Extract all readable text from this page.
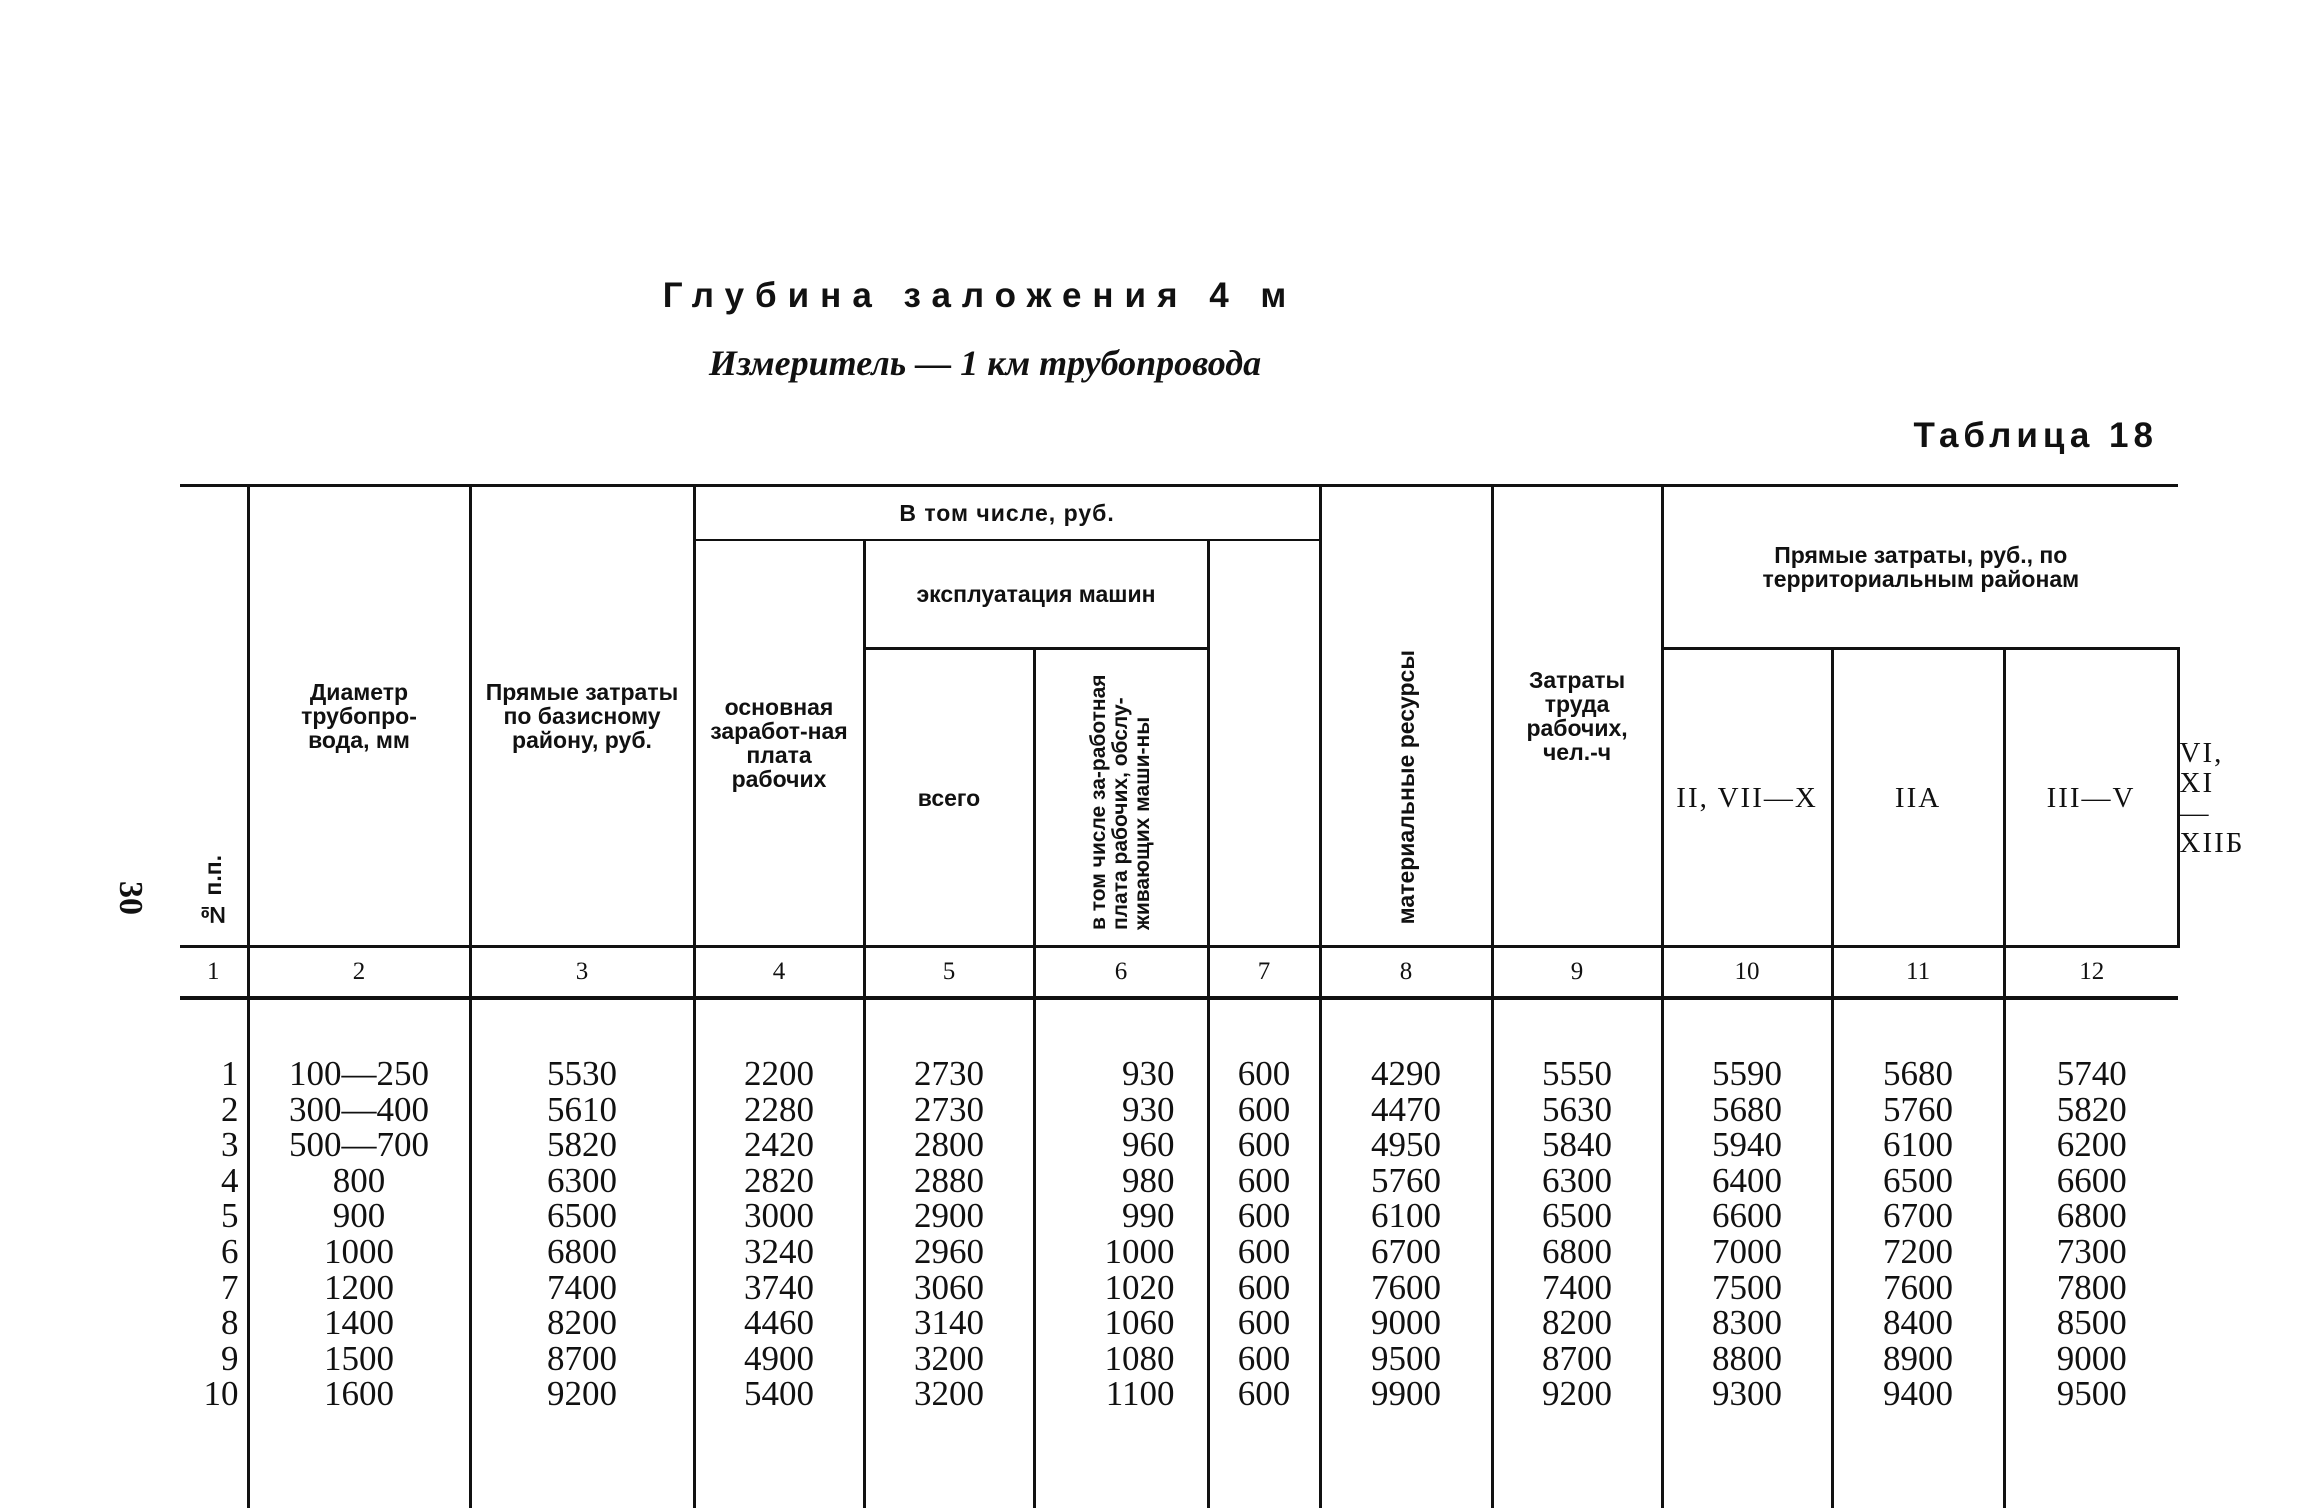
30
Глубина заложения 4 м
Измеритель — 1 км трубопровода
Таблица 18
№ п.п.	Диаметр трубопро-вода, мм	Прямые затраты по базисному району, руб.	В том числе, руб.				материальные ресурсы	Затраты труда рабочих, чел.-ч	Прямые затраты, руб., по территориальным районам			
			основная заработ-ная плата рабочих	эксплуатация машин								
				всего	в том числе за-работная плата рабочих, обслу-живающих маши-ны				II, VII—X	IIА	III—V	VI, XI—XIIБ
1	2	3	4	5	6	7	8	9	10	11	12	

1	100—250	5530	2200	2730	930	600	4290	5550	5590	5680	5740	
2	300—400	5610	2280	2730	930	600	4470	5630	5680	5760	5820	
3	500—700	5820	2420	2800	960	600	4950	5840	5940	6100	6200	
4	800	6300	2820	2880	980	600	5760	6300	6400	6500	6600	
5	900	6500	3000	2900	990	600	6100	6500	6600	6700	6800	
6	1000	6800	3240	2960	1000	600	6700	6800	7000	7200	7300	
7	1200	7400	3740	3060	1020	600	7600	7400	7500	7600	7800	
8	1400	8200	4460	3140	1060	600	9000	8200	8300	8400	8500	
9	1500	8700	4900	3200	1080	600	9500	8700	8800	8900	9000	
10	1600	9200	5400	3200	1100	600	9900	9200	9300	9400	9500	
